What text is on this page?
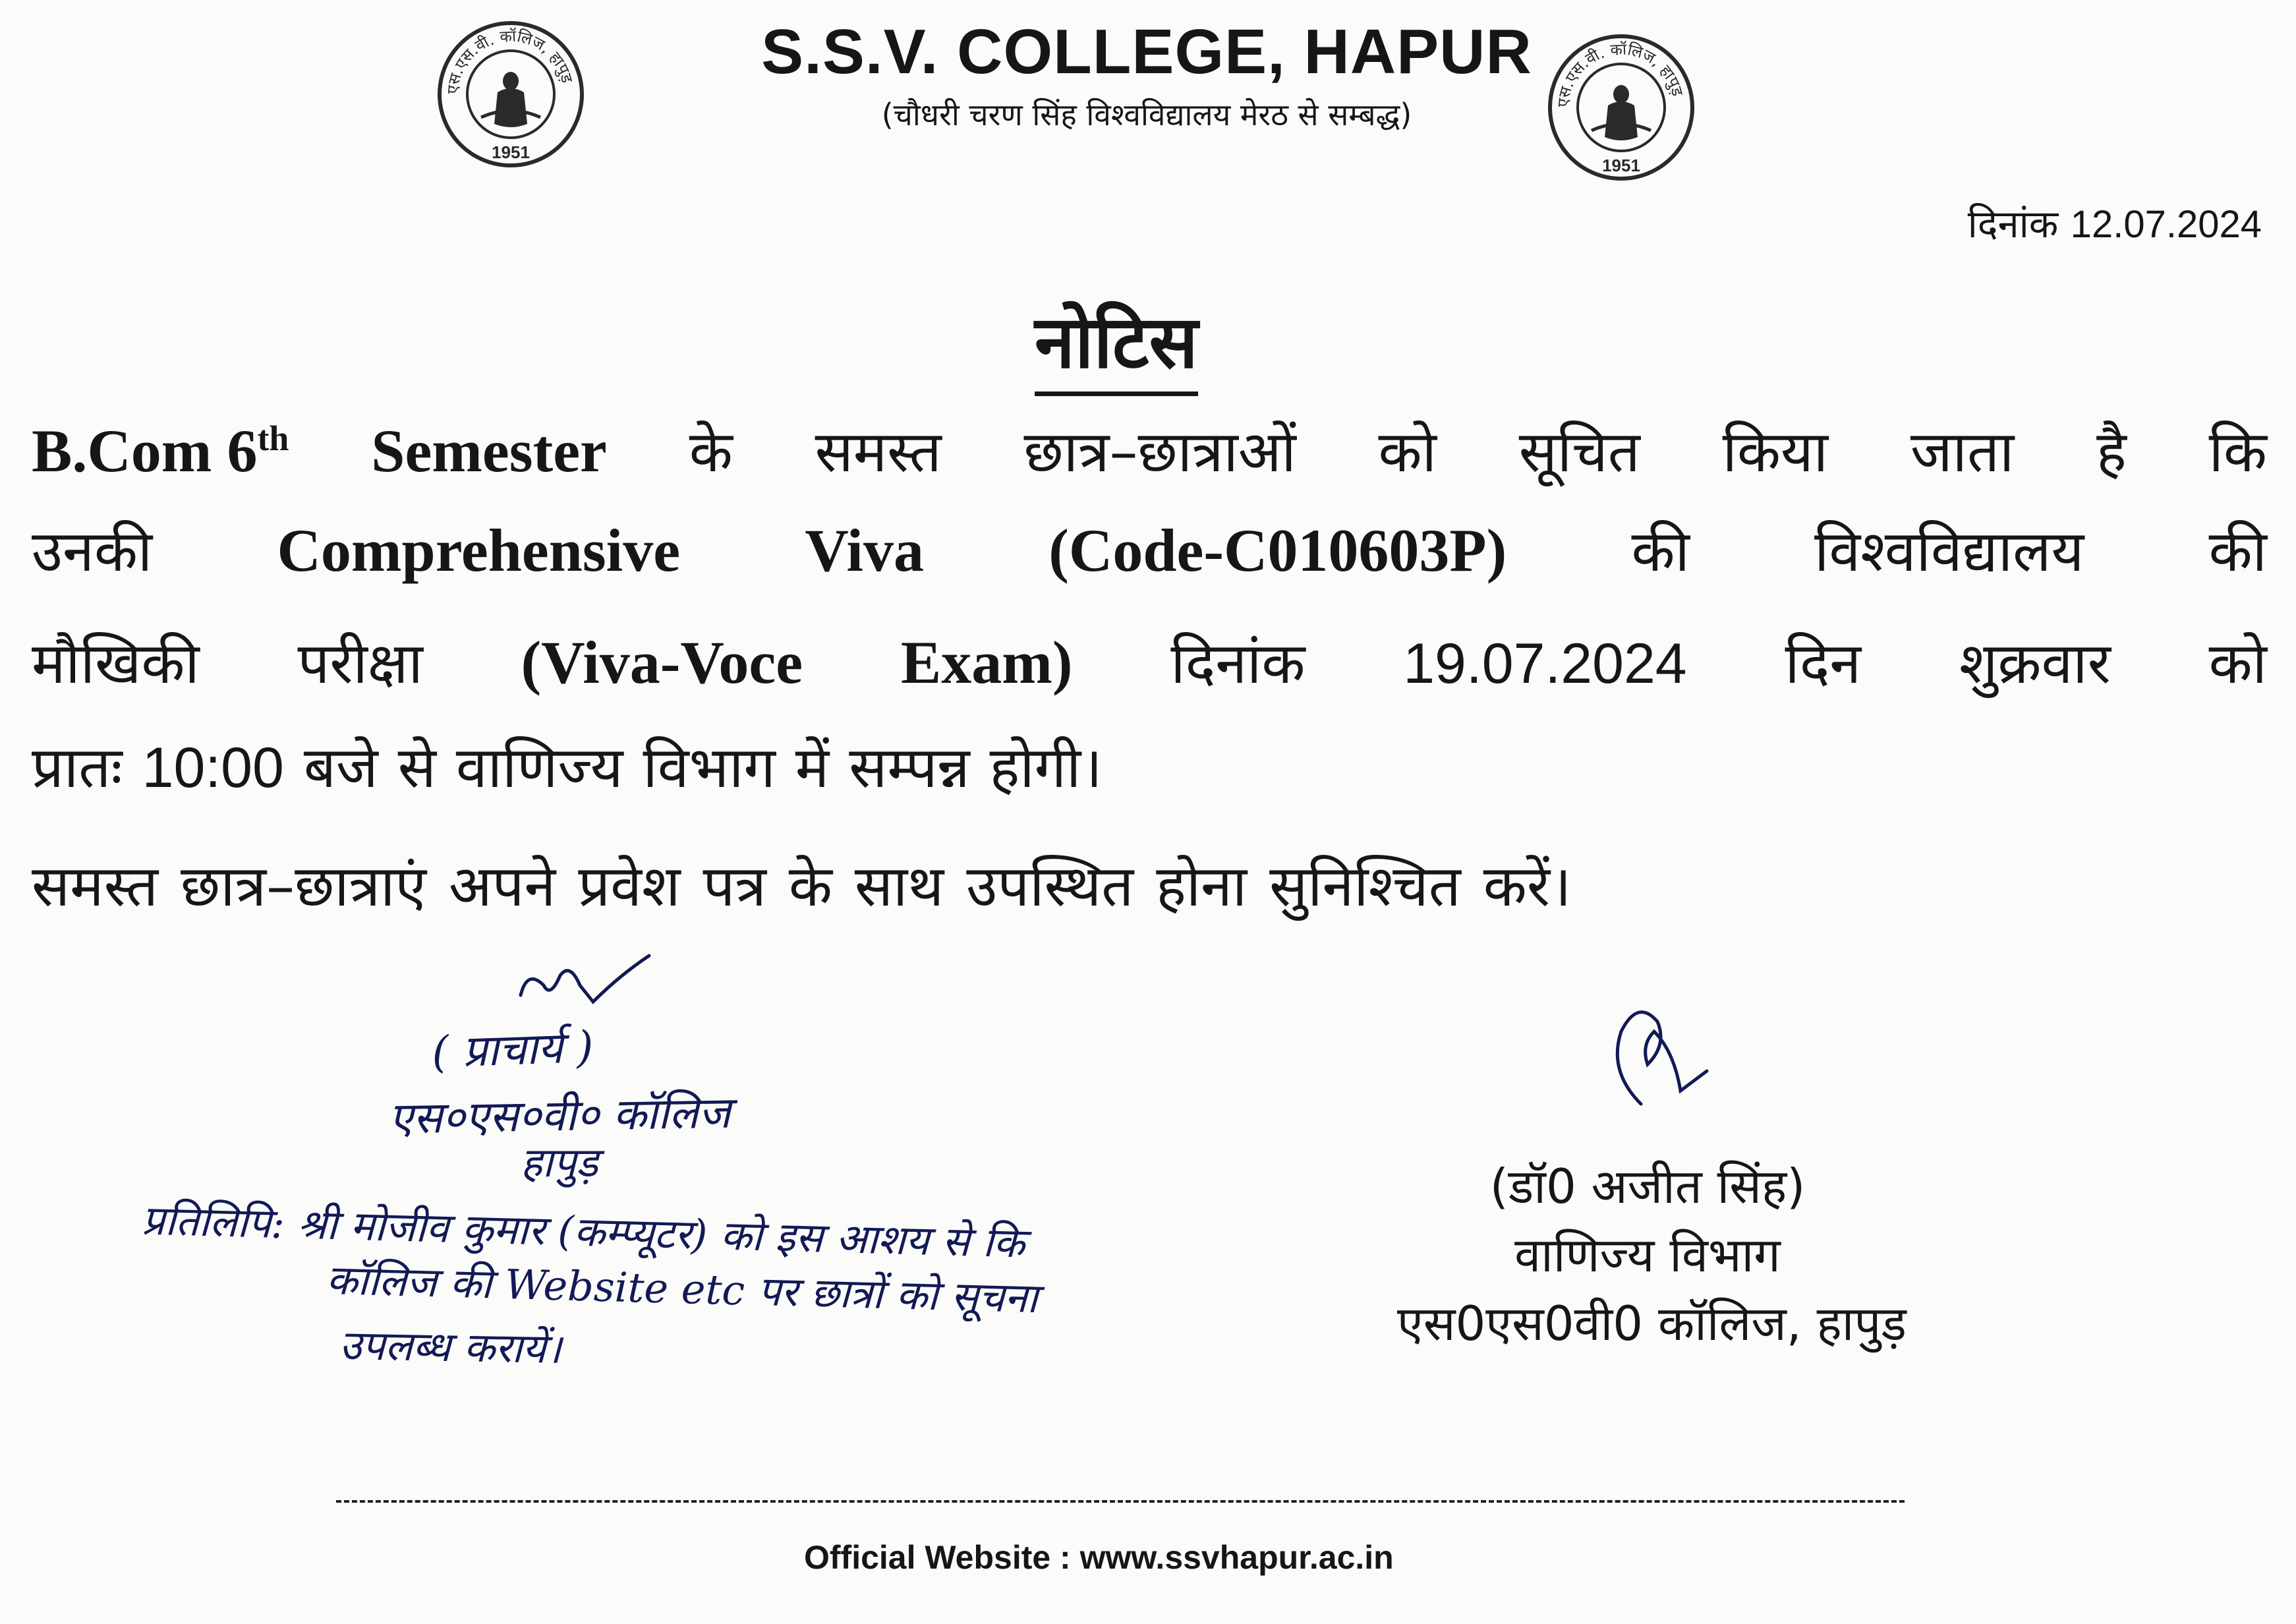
एस.एस.वी. कॉलिज, हापुड़
1951
एस.एस.वी. कॉलिज, हापुड़
1951
S.S.V. COLLEGE, HAPUR
(चौधरी चरण सिंह विश्वविद्यालय मेरठ से सम्बद्ध)
दिनांक 12.07.2024
नोटिस
B.Com 6th Semester के समस्त छात्र–छात्राओं को सूचित किया जाता है कि
उनकी Comprehensive Viva (Code-C010603P) की विश्वविद्यालय की
मौखिकी परीक्षा (Viva-Voce Exam) दिनांक 19.07.2024 दिन शुक्रवार को
प्रातः 10:00 बजे से वाणिज्य विभाग में सम्पन्न होगी।
समस्त छात्र–छात्राएं अपने प्रवेश पत्र के साथ उपस्थित होना सुनिश्चित करें।
( प्राचार्य )
एस०एस०वी० कॉलिज
हापुड़
प्रतिलिपि: श्री मोजीव कुमार (कम्प्यूटर) को इस आशय से कि
कॉलिज की Website etc पर छात्रों को सूचना
उपलब्ध करायें।
(डॉ0 अजीत सिंह)
वाणिज्य विभाग
एस0एस0वी0 कॉलिज, हापुड़
Official Website : www.ssvhapur.ac.in
